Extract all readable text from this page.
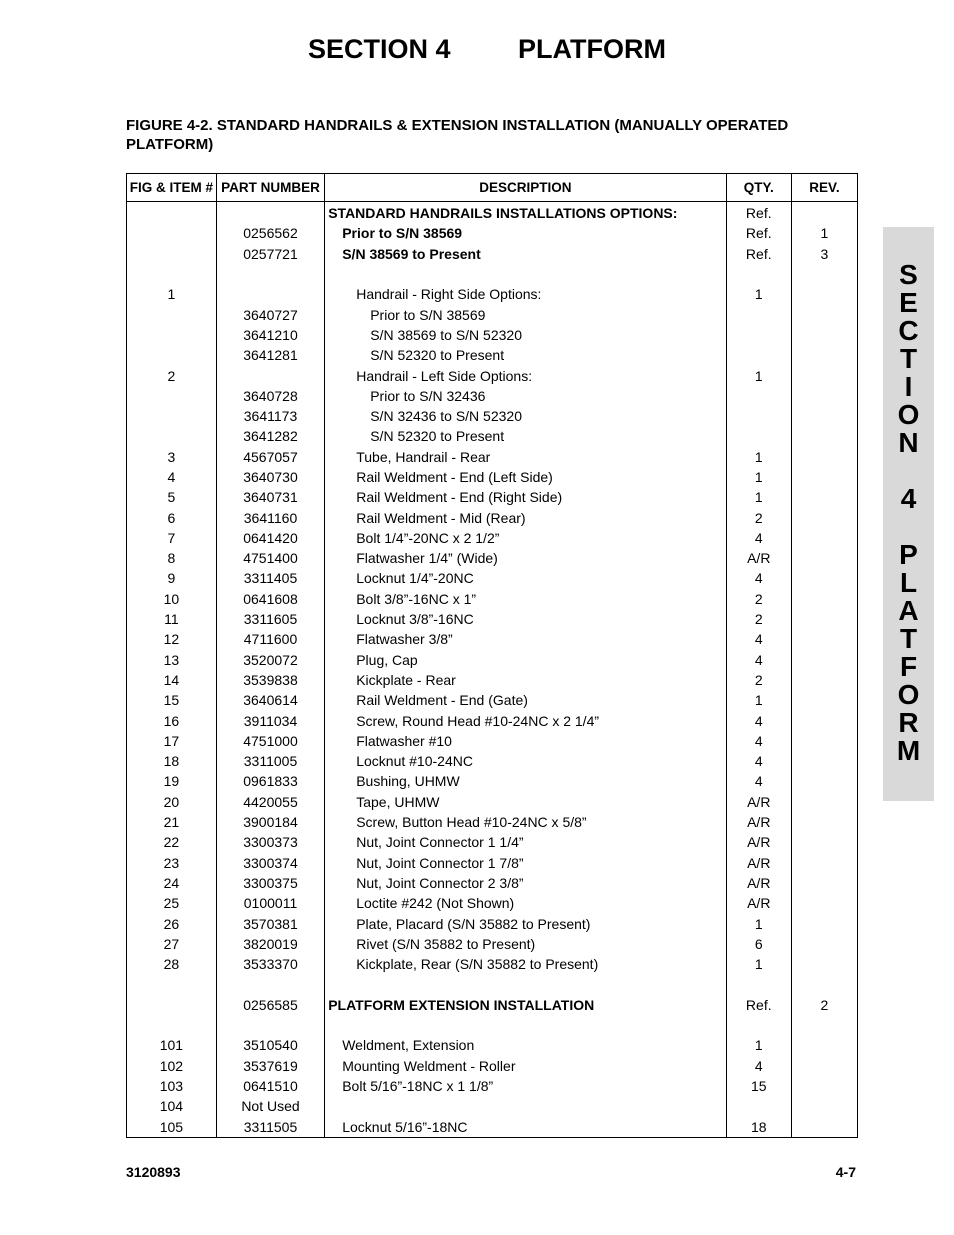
SECTION 4 PLATFORM
FIGURE 4-2. STANDARD HANDRAILS & EXTENSION INSTALLATION (MANUALLY OPERATED PLATFORM)
FIG & ITEM #	PART NUMBER	DESCRIPTION	QTY.	REV.
		STANDARD HANDRAILS INSTALLATIONS OPTIONS:	Ref.	
	0256562	Prior to S/N 38569	Ref.	1
	0257721	S/N 38569 to Present	Ref.	3

1		Handrail - Right Side Options:	1	
	3640727	Prior to S/N 38569		
	3641210	S/N 38569 to S/N 52320		
	3641281	S/N 52320 to Present		
2		Handrail - Left Side Options:	1	
	3640728	Prior to S/N 32436		
	3641173	S/N 32436 to S/N 52320		
	3641282	S/N 52320 to Present		
3	4567057	Tube, Handrail - Rear	1	
4	3640730	Rail Weldment - End (Left Side)	1	
5	3640731	Rail Weldment - End (Right Side)	1	
6	3641160	Rail Weldment - Mid (Rear)	2	
7	0641420	Bolt 1/4”-20NC x 2 1/2”	4	
8	4751400	Flatwasher 1/4” (Wide)	A/R	
9	3311405	Locknut 1/4”-20NC	4	
10	0641608	Bolt 3/8”-16NC x 1”	2	
11	3311605	Locknut 3/8”-16NC	2	
12	4711600	Flatwasher 3/8”	4	
13	3520072	Plug, Cap	4	
14	3539838	Kickplate - Rear	2	
15	3640614	Rail Weldment - End (Gate)	1	
16	3911034	Screw, Round Head #10-24NC x 2 1/4”	4	
17	4751000	Flatwasher #10	4	
18	3311005	Locknut #10-24NC	4	
19	0961833	Bushing, UHMW	4	
20	4420055	Tape, UHMW	A/R	
21	3900184	Screw, Button Head #10-24NC x 5/8”	A/R	
22	3300373	Nut, Joint Connector 1 1/4”	A/R	
23	3300374	Nut, Joint Connector 1 7/8”	A/R	
24	3300375	Nut, Joint Connector 2 3/8”	A/R	
25	0100011	Loctite #242 (Not Shown)	A/R	
26	3570381	Plate, Placard (S/N 35882 to Present)	1	
27	3820019	Rivet (S/N 35882 to Present)	6	
28	3533370	Kickplate, Rear (S/N 35882 to Present)	1	

	0256585	PLATFORM EXTENSION INSTALLATION	Ref.	2

101	3510540	Weldment, Extension	1	
102	3537619	Mounting Weldment - Roller	4	
103	0641510	Bolt 5/16”-18NC x 1 1/8”	15	
104	Not Used			
105	3311505	Locknut 5/16”-18NC	18	
S
E
C
T
I
O
N

4

P
L
A
T
F
O
R
M
3120893	4-7
